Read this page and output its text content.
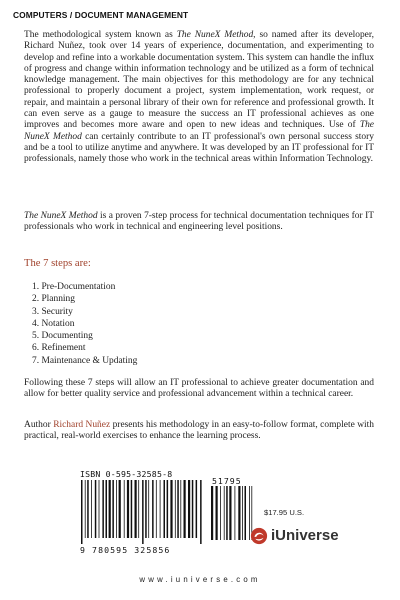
COMPUTERS / DOCUMENT MANAGEMENT

The methodological system known as The NuneX Method, so named after its developer, Richard Nuñez, took over 14 years of experience, documentation, and experimenting to develop and refine into a workable documentation system. This system can handle the influx of progress and change within information technology and be utilized as a form of technical knowledge management. The main objectives for this methodology are for any technical professional to properly document a project, system implementation, work request, or repair, and maintain a personal library of their own for reference and professional growth. It can even serve as a gauge to measure the success an IT professional achieves as one improves and becomes more aware and open to new ideas and techniques. Use of The NuneX Method can certainly contribute to an IT professional's own personal success story and be a tool to utilize anytime and anywhere. It was developed by an IT professional for IT professionals, namely those who work in the technical areas within Information Technology.

The NuneX Method is a proven 7-step process for technical documentation techniques for IT professionals who work in technical and engineering level positions.

The 7 steps are:
1. Pre-Documentation
2. Planning
3. Security
4. Notation
5. Documenting
6. Refinement
7. Maintenance & Updating

Following these 7 steps will allow an IT professional to achieve greater documentation and allow for better quality service and professional advancement within a technical career.

Author Richard Nuñez presents his methodology in an easy-to-follow format, complete with practical, real-world exercises to enhance the learning process.

ISBN 0-595-32585-8
9 780595 325856
51795
$17.95 U.S.
iUniverse
www.iuniverse.com
